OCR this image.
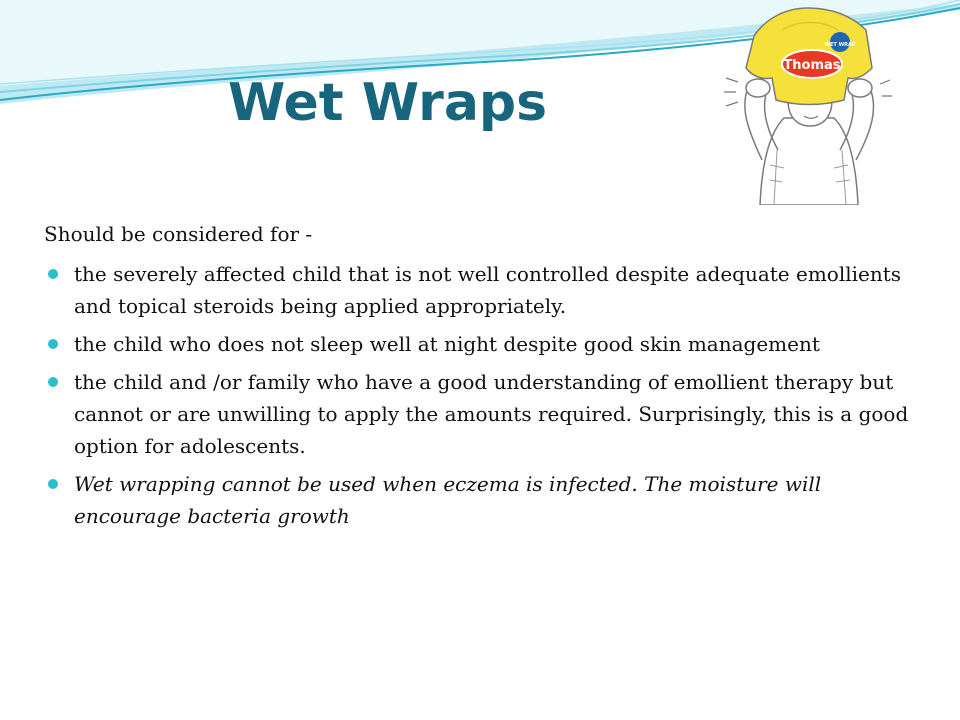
Wet Wraps
Thomas
WET WRAP

Should be considered for -

the severely affected child that is not well controlled despite adequate emollients and topical steroids being applied appropriately.
the child who does not sleep well at night despite good skin management
the child and /or family who have a good understanding of emollient therapy but cannot or are unwilling to apply the amounts required. Surprisingly, this is a good option for adolescents.
Wet wrapping cannot be used when eczema is infected. The moisture will encourage bacteria growth
